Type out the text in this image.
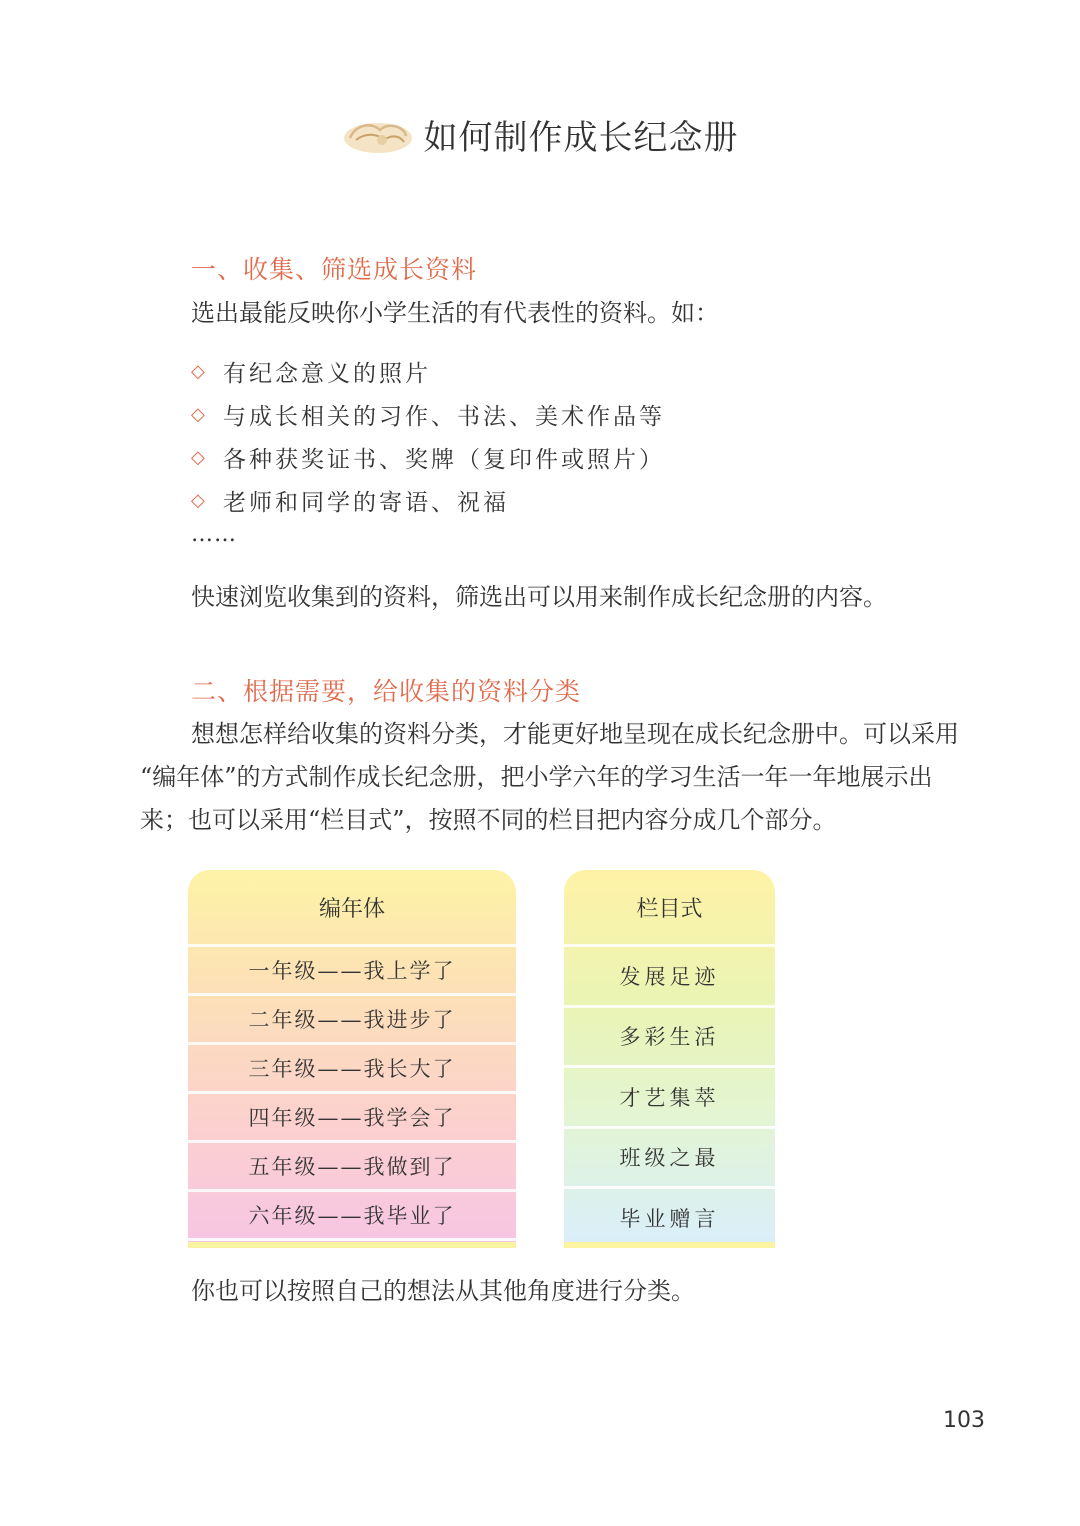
如何制作成长纪念册
一、收集、筛选成长资料
选出最能反映你小学生活的有代表性的资料。如：
◇ 有纪念意义的照片
◇ 与成长相关的习作、书法、美术作品等
◇ 各种获奖证书、奖牌（复印件或照片）
◇ 老师和同学的寄语、祝福
……
快速浏览收集到的资料，筛选出可以用来制作成长纪念册的内容。
二、根据需要，给收集的资料分类
想想怎样给收集的资料分类，才能更好地呈现在成长纪念册中。可以采用
“编年体”的方式制作成长纪念册，把小学六年的学习生活一年一年地展示出
来；也可以采用“栏目式”，按照不同的栏目把内容分成几个部分。
编年体
一年级——我上学了
二年级——我进步了
三年级——我长大了
四年级——我学会了
五年级——我做到了
六年级——我毕业了
栏目式
发展足迹
多彩生活
才艺集萃
班级之最
毕业赠言
你也可以按照自己的想法从其他角度进行分类。
103
